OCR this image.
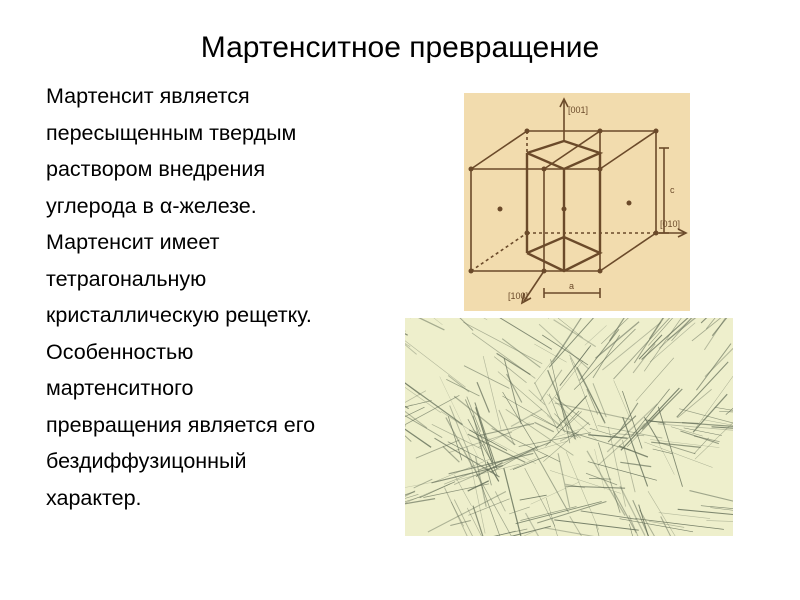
Мартенситное превращение
Мартенсит является
пересыщенным твердым
раствором внедрения
углерода в α-железе.
Мартенсит имеет
тетрагональную
кристаллическую рещетку.
Особенностью
мартенситного
превращения является его
бездиффузицонный
характер.
[001]
[010]
[100]
a
c
